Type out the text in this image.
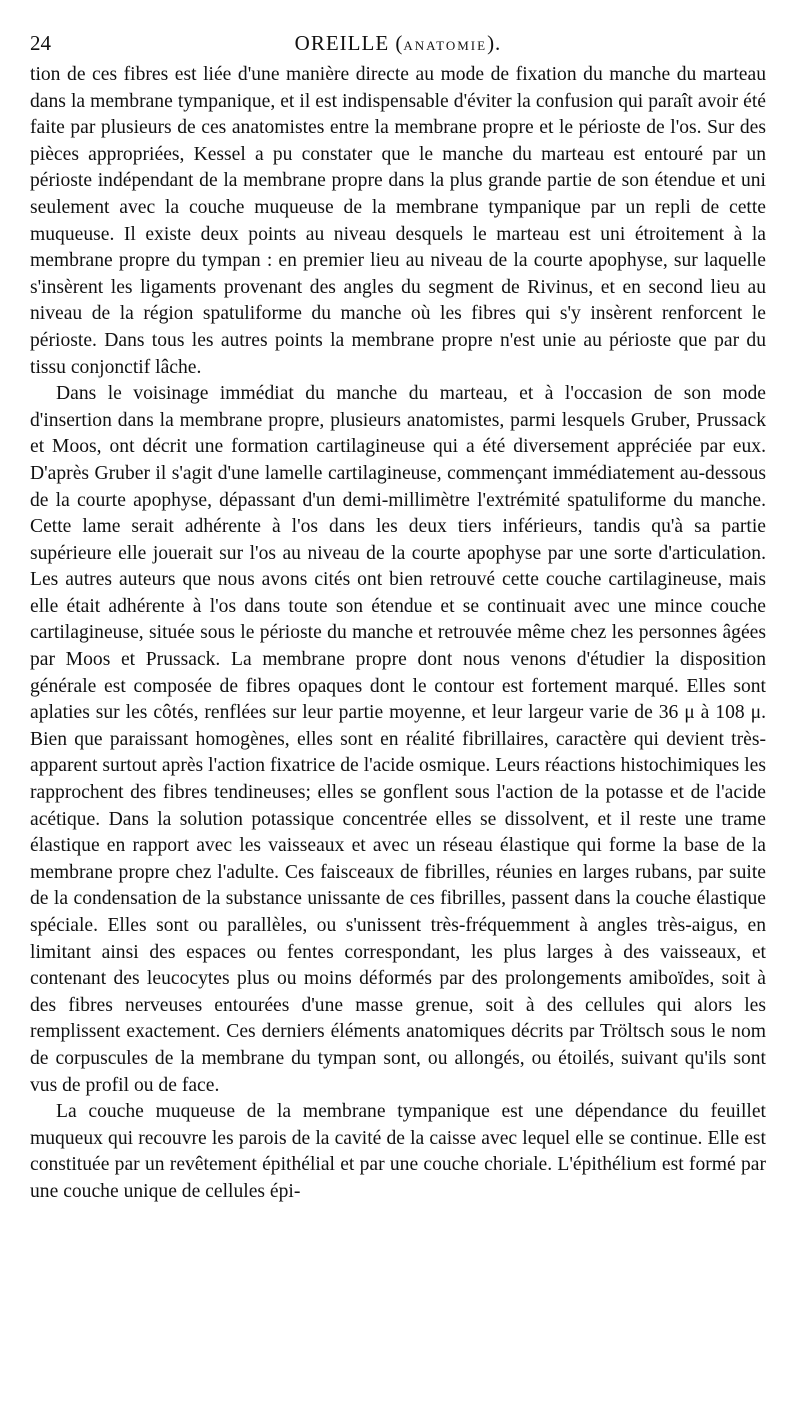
24	OREILLE (ANATOMIE).

tion de ces fibres est liée d'une manière directe au mode de fixation du manche du marteau dans la membrane tympanique, et il est indispensable d'éviter la confusion qui paraît avoir été faite par plusieurs de ces anatomistes entre la membrane propre et le périoste de l'os. Sur des pièces appropriées, Kessel a pu constater que le manche du marteau est entouré par un périoste indépendant de la membrane propre dans la plus grande partie de son étendue et uni seulement avec la couche muqueuse de la membrane tympanique par un repli de cette muqueuse. Il existe deux points au niveau desquels le marteau est uni étroitement à la membrane propre du tympan : en premier lieu au niveau de la courte apophyse, sur laquelle s'insèrent les ligaments provenant des angles du segment de Rivinus, et en second lieu au niveau de la région spatuliforme du manche où les fibres qui s'y insèrent renforcent le périoste. Dans tous les autres points la membrane propre n'est unie au périoste que par du tissu conjonctif lâche.

Dans le voisinage immédiat du manche du marteau, et à l'occasion de son mode d'insertion dans la membrane propre, plusieurs anatomistes, parmi lesquels Gruber, Prussack et Moos, ont décrit une formation cartilagineuse qui a été diversement appréciée par eux. D'après Gruber il s'agit d'une lamelle cartilagineuse, commençant immédiatement au-dessous de la courte apophyse, dépassant d'un demi-millimètre l'extrémité spatuliforme du manche. Cette lame serait adhérente à l'os dans les deux tiers inférieurs, tandis qu'à sa partie supérieure elle jouerait sur l'os au niveau de la courte apophyse par une sorte d'articulation. Les autres auteurs que nous avons cités ont bien retrouvé cette couche cartilagineuse, mais elle était adhérente à l'os dans toute son étendue et se continuait avec une mince couche cartilagineuse, située sous le périoste du manche et retrouvée même chez les personnes âgées par Moos et Prussack. La membrane propre dont nous venons d'étudier la disposition générale est composée de fibres opaques dont le contour est fortement marqué. Elles sont aplaties sur les côtés, renflées sur leur partie moyenne, et leur largeur varie de 36 μ à 108 μ. Bien que paraissant homogènes, elles sont en réalité fibrillaires, caractère qui devient très-apparent surtout après l'action fixatrice de l'acide osmique. Leurs réactions histochimiques les rapprochent des fibres tendineuses; elles se gonflent sous l'action de la potasse et de l'acide acétique. Dans la solution potassique concentrée elles se dissolvent, et il reste une trame élastique en rapport avec les vaisseaux et avec un réseau élastique qui forme la base de la membrane propre chez l'adulte. Ces faisceaux de fibrilles, réunies en larges rubans, par suite de la condensation de la substance unissante de ces fibrilles, passent dans la couche élastique spéciale. Elles sont ou parallèles, ou s'unissent très-fréquemment à angles très-aigus, en limitant ainsi des espaces ou fentes correspondant, les plus larges à des vaisseaux, et contenant des leucocytes plus ou moins déformés par des prolongements amiboïdes, soit à des fibres nerveuses entourées d'une masse grenue, soit à des cellules qui alors les remplissent exactement. Ces derniers éléments anatomiques décrits par Tröltsch sous le nom de corpuscules de la membrane du tympan sont, ou allongés, ou étoilés, suivant qu'ils sont vus de profil ou de face.

La couche muqueuse de la membrane tympanique est une dépendance du feuillet muqueux qui recouvre les parois de la cavité de la caisse avec lequel elle se continue. Elle est constituée par un revêtement épithélial et par une couche choriale. L'épithélium est formé par une couche unique de cellules épi-
